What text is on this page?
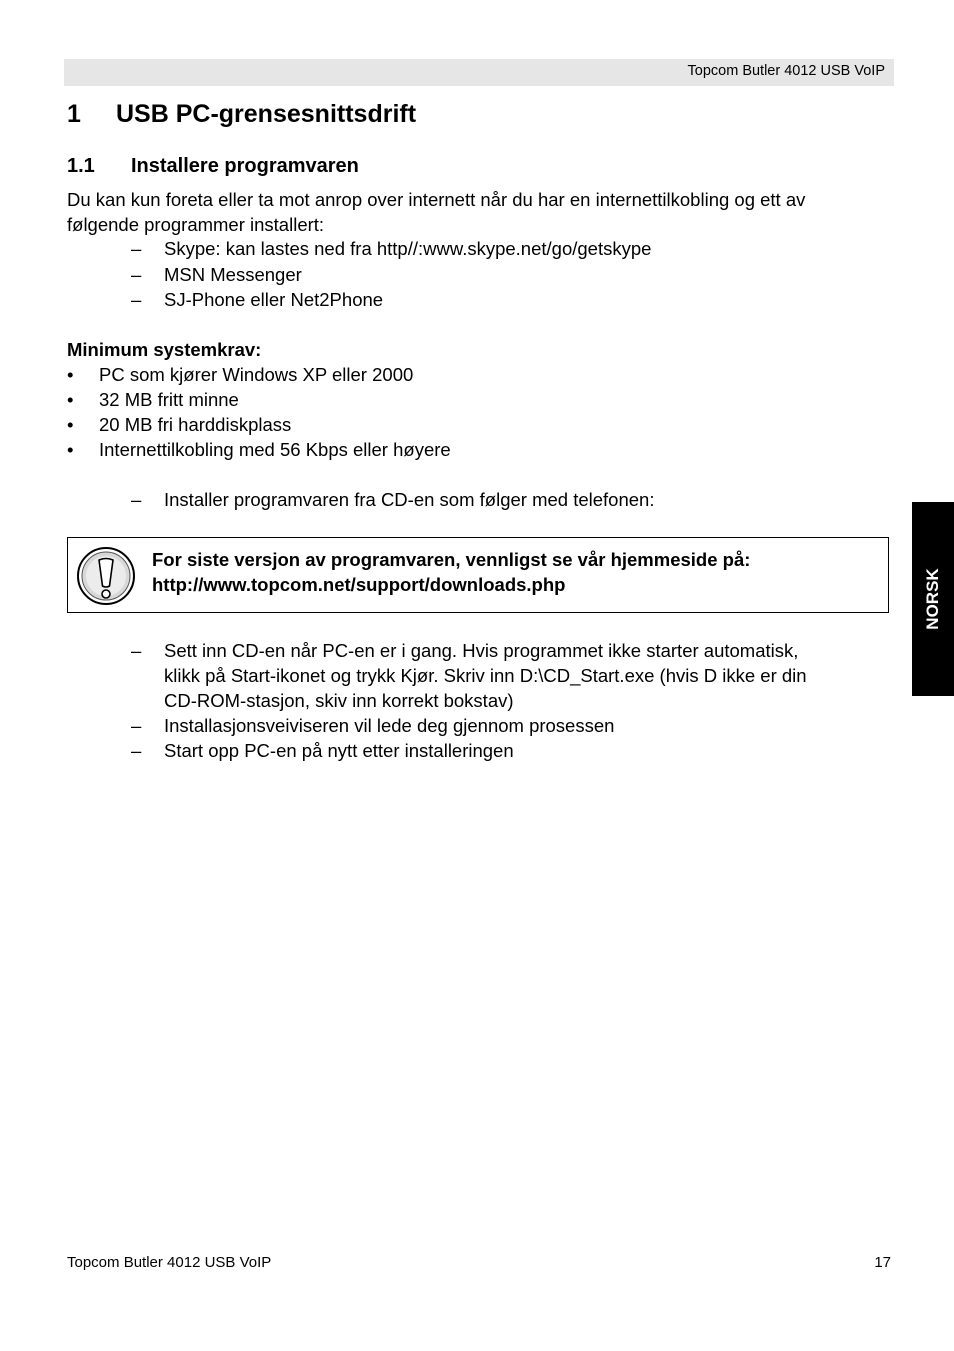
Topcom Butler 4012 USB VoIP
1 USB PC-grensesnittsdrift
1.1 Installere programvaren
Du kan kun foreta eller ta mot anrop over internett når du har en internettilkobling og ett av
følgende programmer installert:
– Skype: kan lastes ned fra http//:www.skype.net/go/getskype
– MSN Messenger
– SJ-Phone eller Net2Phone
Minimum systemkrav:
• PC som kjører Windows XP eller 2000
• 32 MB fritt minne
• 20 MB fri harddiskplass
• Internettilkobling med 56 Kbps eller høyere
– Installer programvaren fra CD-en som følger med telefonen:
For siste versjon av programvaren, vennligst se vår hjemmeside på:
http://www.topcom.net/support/downloads.php
– Sett inn CD-en når PC-en er i gang. Hvis programmet ikke starter automatisk,
klikk på Start-ikonet og trykk Kjør. Skriv inn D:\CD_Start.exe (hvis D ikke er din
CD-ROM-stasjon, skiv inn korrekt bokstav)
– Installasjonsveiviseren vil lede deg gjennom prosessen
– Start opp PC-en på nytt etter installeringen
NORSK
Topcom Butler 4012 USB VoIP	17
